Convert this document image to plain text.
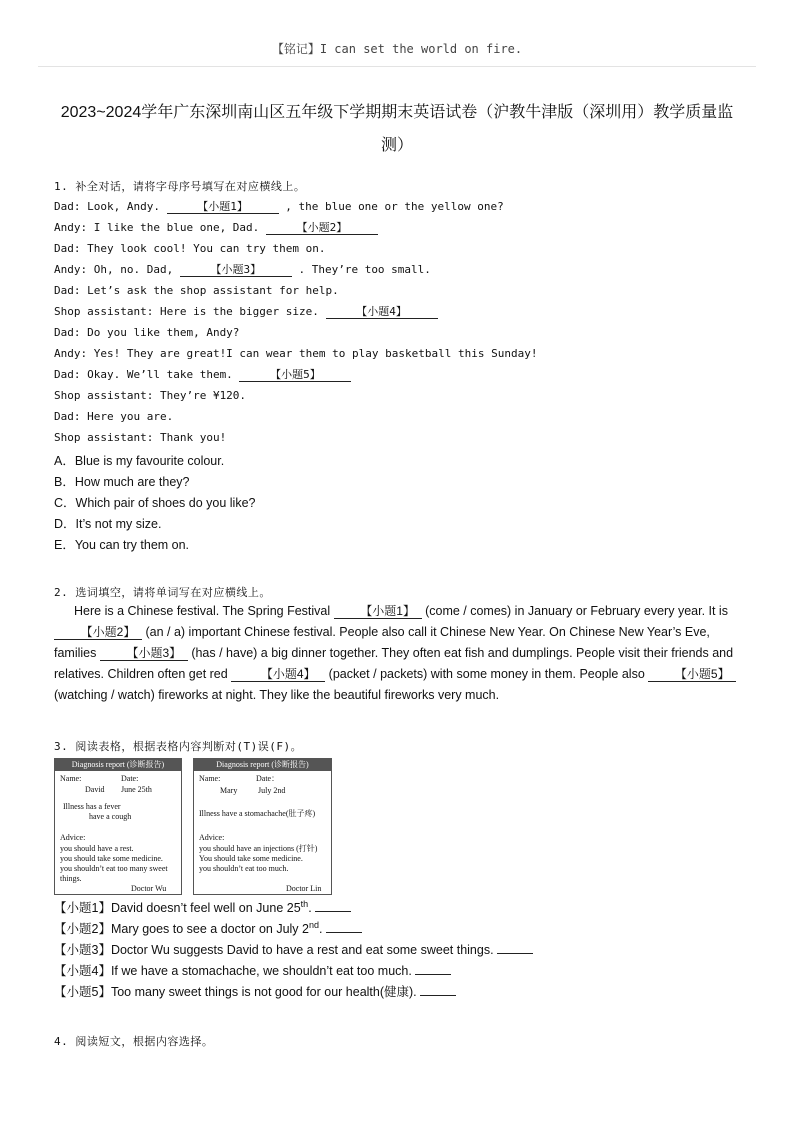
【铭记】I can set the world on fire.
2023~2024学年广东深圳南山区五年级下学期期末英语试卷（沪教牛津版（深圳用）教学质量监
测）
1. 补全对话，请将字母序号填写在对应横线上。
Dad: Look, Andy.	【小题1】	, the blue one or the yellow one?
Andy: I like the blue one, Dad.	【小题2】
Dad: They look cool! You can try them on.
Andy: Oh, no. Dad,	【小题3】	. They’re too small.
Dad: Let’s ask the shop assistant for help.
Shop assistant: Here is the bigger size.	【小题4】
Dad: Do you like them, Andy?
Andy: Yes! They are great!I can wear them to play basketball this Sunday!
Dad: Okay. We’ll take them.	【小题5】
Shop assistant: They’re ¥120.
Dad: Here you are.
Shop assistant: Thank you!
A．Blue is my favourite colour.
B．How much are they?
C．Which pair of shoes do you like?
D．It’s not my size.
E．You can try them on.
2. 选词填空，请将单词写在对应横线上。
Here is a Chinese festival. The Spring Festival 【小题1】 (come / comes) in January or February every year. It is 【小题2】 (an / a) important Chinese festival. People also call it Chinese New Year. On Chinese New Year’s Eve, families 【小题3】 (has / have) a big dinner together. They often eat fish and dumplings. People visit their friends and relatives. Children often get red 【小题4】 (packet / packets) with some money in them. People also 【小题5】 (watching / watch) fireworks at night. They like the beautiful fireworks very much.
3. 阅读表格，根据表格内容判断对(T)误(F)。
Diagnosis report (诊断报告)
Name:	Date:
David June 25th
Illness has a fever
have a cough
Advice:
you should have a rest.
you should take some medicine.
you shouldn’t eat too many sweet
things.
Doctor Wu
Diagnosis report (诊断报告)
Name:	Date：
Mary	July 2nd
Illness have a stomachache(肚子疼)
Advice:
you should have an injections (打针)
You should take some medicine.
you shouldn’t eat too much.
Doctor Lin
【小题1】David doesn’t feel well on June 25th.
【小题2】Mary goes to see a doctor on July 2nd.
【小题3】Doctor Wu suggests David to have a rest and eat some sweet things.
【小题4】If we have a stomachache, we shouldn’t eat too much.
【小题5】Too many sweet things is not good for our health(健康).
4. 阅读短文，根据内容选择。
